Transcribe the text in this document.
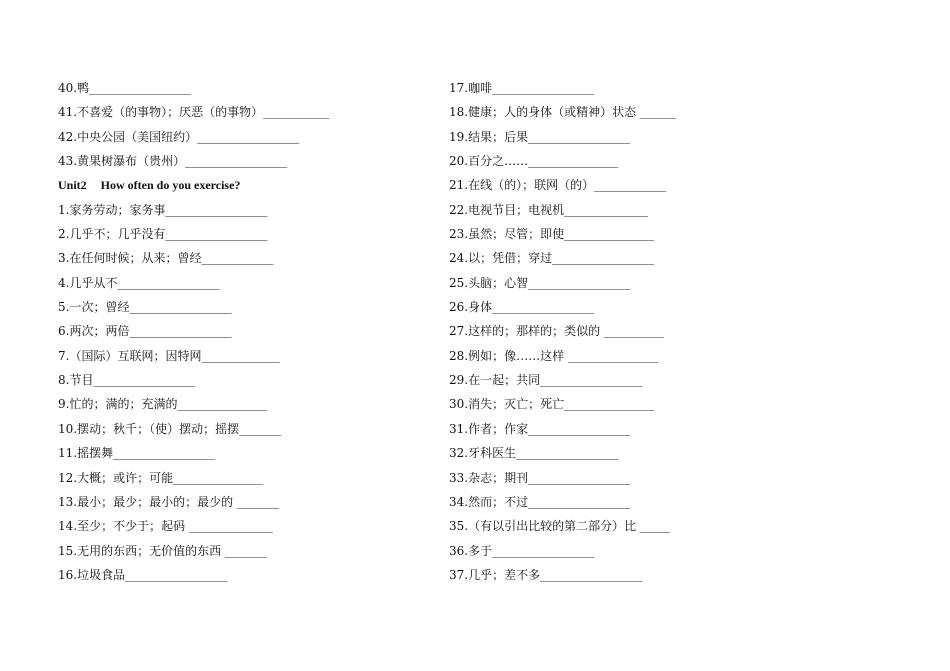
40.鸭_________________
41.不喜爱（的事物）；厌恶（的事物）___________
42.中央公园（美国纽约）_________________
43.黄果树瀑布（贵州）_________________
Unit2 How often do you exercise?
1.家务劳动；家务事_________________
2.几乎不；几乎没有_________________
3.在任何时候；从来；曾经____________
4.几乎从不_________________
5.一次；曾经_________________
6.两次；两倍_________________
7.（国际）互联网；因特网_____________
8.节目_________________
9.忙的；满的；充满的_______________
10.摆动；秋千；（使）摆动；摇摆_______
11.摇摆舞_________________
12.大概；或许；可能_______________
13.最小；最少；最小的；最少的 _______
14.至少；不少于；起码 ______________
15.无用的东西；无价值的东西 _______
16.垃圾食品_________________
17.咖啡_________________
18.健康；人的身体（或精神）状态 ______
19.结果；后果_________________
20.百分之……_______________
21.在线（的）；联网（的）____________
22.电视节目；电视机______________
23.虽然；尽管；即使_______________
24.以；凭借；穿过_________________
25.头脑；心智_________________
26.身体_________________
27.这样的；那样的；类似的 __________
28.例如；像……这样 _______________
29.在一起；共同_________________
30.消失；灭亡；死亡_______________
31.作者；作家_________________
32.牙科医生_________________
33.杂志；期刊_________________
34.然而；不过_________________
35.（有以引出比较的第二部分）比 _____
36.多于_________________
37.几乎；差不多_________________
